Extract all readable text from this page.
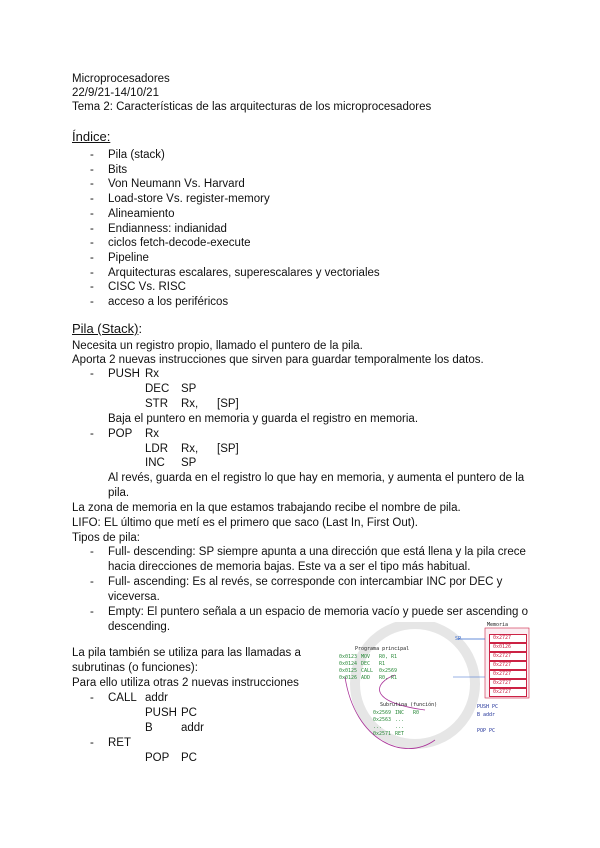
Microprocesadores
22/9/21-14/10/21
Tema 2: Características de las arquitecturas de los microprocesadores
Índice:
- Pila (stack)
- Bits
- Von Neumann Vs. Harvard
- Load-store Vs. register-memory
- Alineamiento
- Endianness: indianidad
- ciclos fetch-decode-execute
- Pipeline
- Arquitecturas escalares, superescalares y vectoriales
- CISC Vs. RISC
- acceso a los periféricos
Pila (Stack):
Necesita un registro propio, llamado el puntero de la pila.
Aporta 2 nuevas instrucciones que sirven para guardar temporalmente los datos.
- PUSH Rx
DEC SP
STR Rx, [SP]
Baja el puntero en memoria y guarda el registro en memoria.
- POP Rx
LDR Rx, [SP]
INC SP
Al revés, guarda en el registro lo que hay en memoria, y aumenta el puntero de la
pila.
La zona de memoria en la que estamos trabajando recibe el nombre de pila.
LIFO: EL último que metí es el primero que saco (Last In, First Out).
Tipos de pila:
- Full- descending: SP siempre apunta a una dirección que está llena y la pila crece
hacia direcciones de memoria bajas. Este va a ser el tipo más habitual.
- Full- ascending: Es al revés, se corresponde con intercambiar INC por DEC y
viceversa.
- Empty: El puntero señala a un espacio de memoria vacío y puede ser ascending o
descending.
La pila también se utiliza para las llamadas a
subrutinas (o funciones):
Para ello utiliza otras 2 nuevas instrucciones
- CALL addr
PUSH PC
B addr
- RET
POP PC
Memoria
SP	0x2727
0x0126
0x2727
0x2727
0x2727
0x2727
0x2727
Programa principal
0x0123 MOV R0, R1
0x0124 DEC R1
0x0125 CALL 0x2569
0x0126 ADD R0, R1
Subrutina (función)
0x2569 INC R0
0x2563 ...
...	...
0x2571 RET
PUSH PC
B addr
POP PC
